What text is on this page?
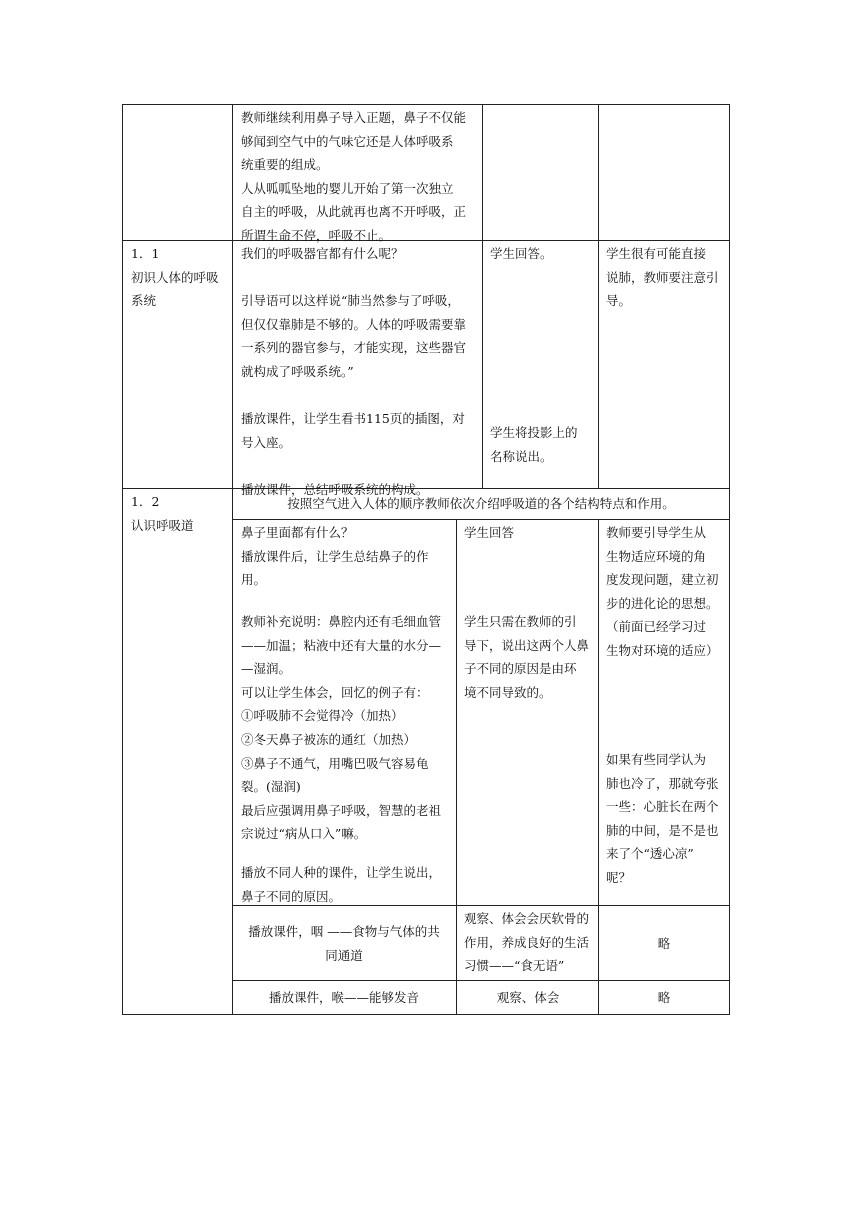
教师继续利用鼻子导入正题，鼻子不仅能
够闻到空气中的气味它还是人体呼吸系
统重要的组成。
人从呱呱坠地的婴儿开始了第一次独立
自主的呼吸，从此就再也离不开呼吸，正
所谓生命不停，呼吸不止。
1．1
初识人体的呼吸
系统
我们的呼吸器官都有什么呢？

引导语可以这样说“肺当然参与了呼吸，
但仅仅靠肺是不够的。人体的呼吸需要靠
一系列的器官参与，才能实现，这些器官
就构成了呼吸系统。”

播放课件，让学生看书115页的插图，对
号入座。

播放课件，总结呼吸系统的构成。
学生回答。
学生将投影上的
名称说出。
学生很有可能直接
说肺，教师要注意引
导。
1．2
认识呼吸道
按照空气进入人体的顺序教师依次介绍呼吸道的各个结构特点和作用。
鼻子里面都有什么？
播放课件后，让学生总结鼻子的作
用。
教师补充说明：鼻腔内还有毛细血管
——加温；粘液中还有大量的水分—
—湿润。
可以让学生体会，回忆的例子有：
①呼吸肺不会觉得冷（加热）
②冬天鼻子被冻的通红（加热）
③鼻子不通气，用嘴巴吸气容易龟
裂。(湿润)
最后应强调用鼻子呼吸，智慧的老祖
宗说过“病从口入”嘛。
播放不同人种的课件，让学生说出，
鼻子不同的原因。
学生回答
学生只需在教师的引
导下，说出这两个人鼻
子不同的原因是由环
境不同导致的。
教师要引导学生从
生物适应环境的角
度发现问题，建立初
步的进化论的思想。
（前面已经学习过
生物对环境的适应）
如果有些同学认为
肺也冷了，那就夸张
一些：心脏长在两个
肺的中间，是不是也
来了个“透心凉”
呢？
播放课件，咽 ——食物与气体的共
同通道
观察、体会会厌软骨的
作用，养成良好的生活
习惯——“食无语”
略
播放课件，喉——能够发音	观察、体会	略
